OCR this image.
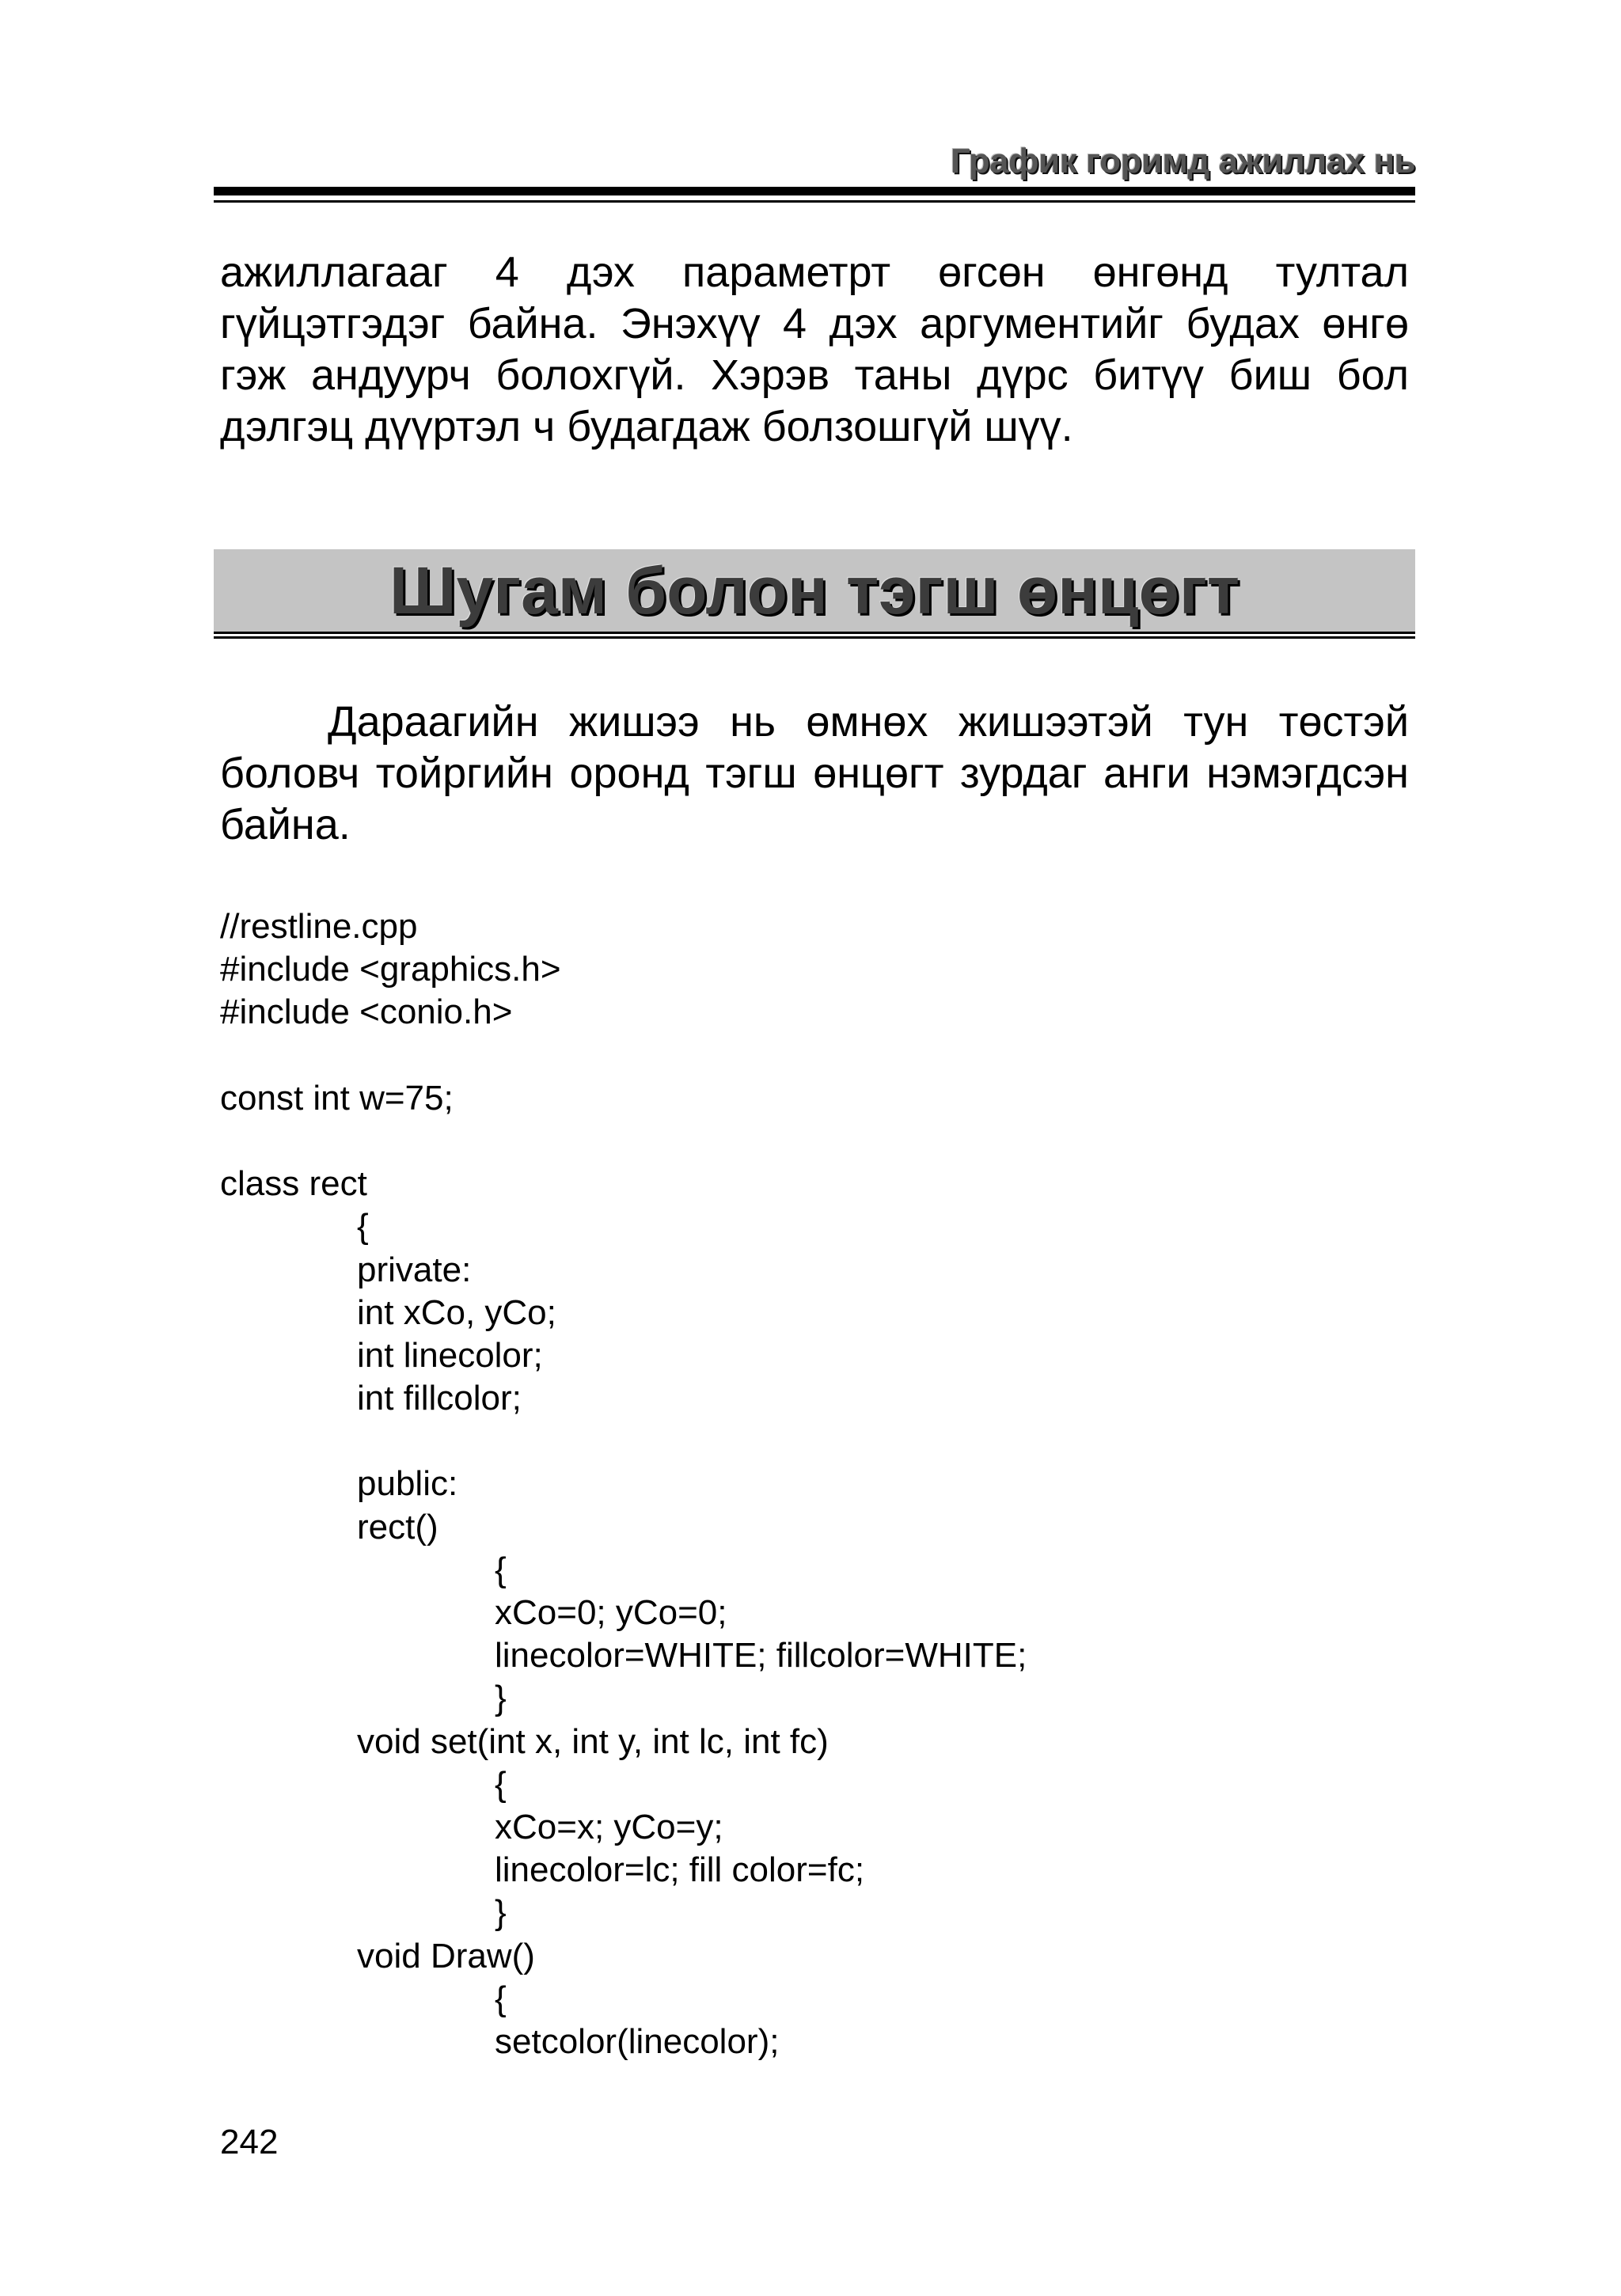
График горимд ажиллах нь

ажиллагааг 4 дэх параметрт өгсөн өнгөнд тултал гүйцэтгэдэг байна. Энэхүү 4 дэх аргументийг будах өнгө гэж андуурч болохгүй. Хэрэв таны дүрс битүү биш бол дэлгэц дүүртэл ч будагдаж болзошгүй шүү.

Шугам болон тэгш өнцөгт

Дараагийн жишээ нь өмнөх жишээтэй тун төстэй боловч тойргийн оронд тэгш өнцөгт зурдаг анги нэмэгдсэн байна.

//restline.cpp
#include <graphics.h>
#include <conio.h>
const int w=75;
class rect
{
private:
int xCo, yCo;
int linecolor;
int fillcolor;
public:
rect()
{
xCo=0; yCo=0;
linecolor=WHITE; fillcolor=WHITE;
}
void set(int x, int y, int lc, int fc)
{
xCo=x; yCo=y;
linecolor=lc; fill color=fc;
}
void Draw()
{
setcolor(linecolor);
242
